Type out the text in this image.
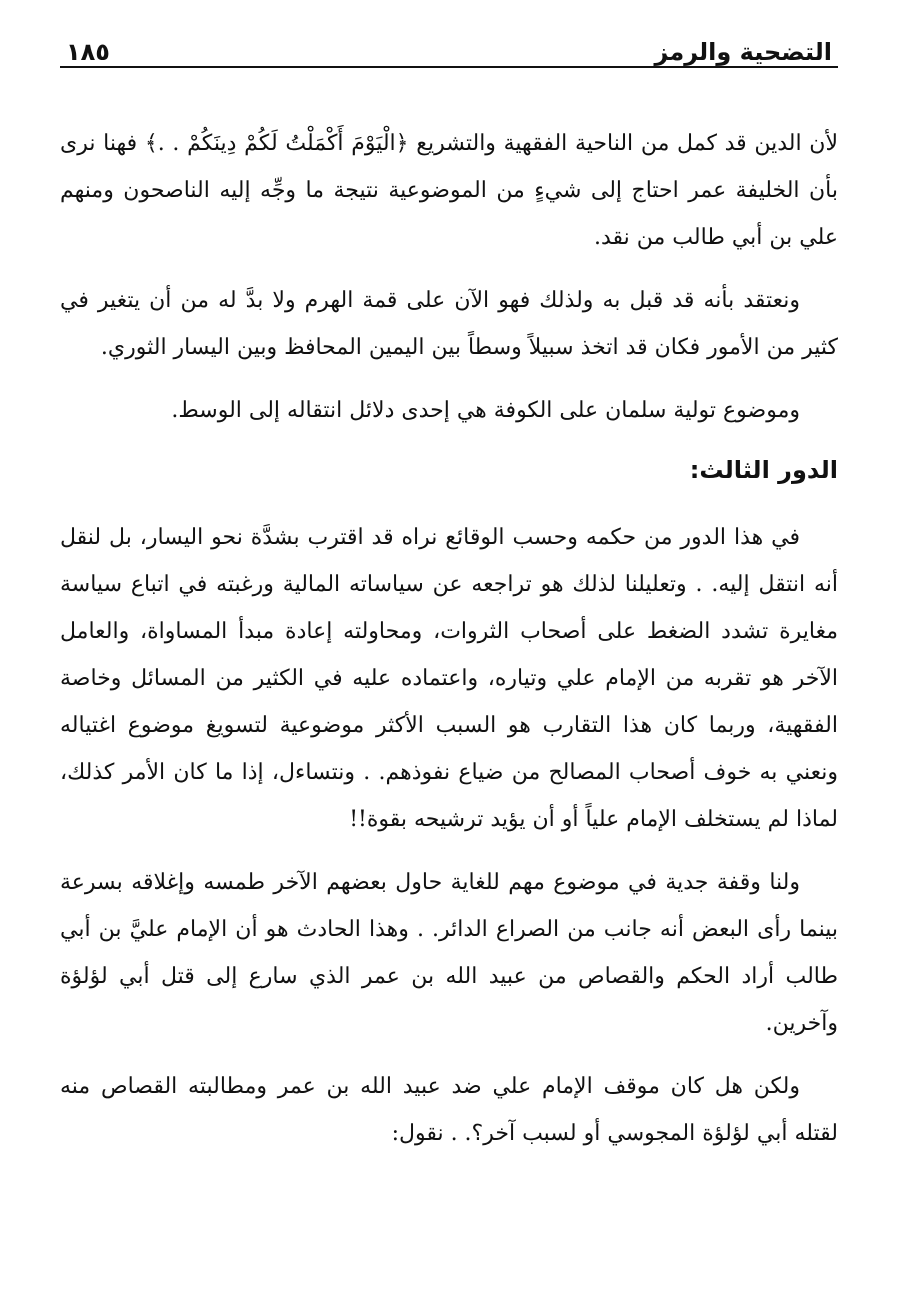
التضحية والرمز
١٨٥

لأن الدين قد كمل من الناحية الفقهية والتشريع ﴿الْيَوْمَ أَكْمَلْتُ لَكُمْ دِينَكُمْ . .﴾ فهنا نرى بأن الخليفة عمر احتاج إلى شيءٍ من الموضوعية نتيجة ما وجِّه إليه الناصحون ومنهم علي بن أبي طالب من نقد.

ونعتقد بأنه قد قبل به ولذلك فهو الآن على قمة الهرم ولا بدَّ له من أن يتغير في كثير من الأمور فكان قد اتخذ سبيلاً وسطاً بين اليمين المحافظ وبين اليسار الثوري.

وموضوع تولية سلمان على الكوفة هي إحدى دلائل انتقاله إلى الوسط.

الدور الثالث:

في هذا الدور من حكمه وحسب الوقائع نراه قد اقترب بشدَّة نحو اليسار، بل لنقل أنه انتقل إليه. . وتعليلنا لذلك هو تراجعه عن سياساته المالية ورغبته في اتباع سياسة مغايرة تشدد الضغط على أصحاب الثروات، ومحاولته إعادة مبدأ المساواة، والعامل الآخر هو تقربه من الإمام علي وتياره، واعتماده عليه في الكثير من المسائل وخاصة الفقهية، وربما كان هذا التقارب هو السبب الأكثر موضوعية لتسويغ موضوع اغتياله ونعني به خوف أصحاب المصالح من ضياع نفوذهم. . ونتساءل، إذا ما كان الأمر كذلك، لماذا لم يستخلف الإمام علياً أو أن يؤيد ترشيحه بقوة!!

ولنا وقفة جدية في موضوع مهم للغاية حاول بعضهم الآخر طمسه وإغلاقه بسرعة بينما رأى البعض أنه جانب من الصراع الدائر. . وهذا الحادث هو أن الإمام عليَّ بن أبي طالب أراد الحكم والقصاص من عبيد الله بن عمر الذي سارع إلى قتل أبي لؤلؤة وآخرين.

ولكن هل كان موقف الإمام علي ضد عبيد الله بن عمر ومطالبته القصاص منه لقتله أبي لؤلؤة المجوسي أو لسبب آخر؟. . نقول:
